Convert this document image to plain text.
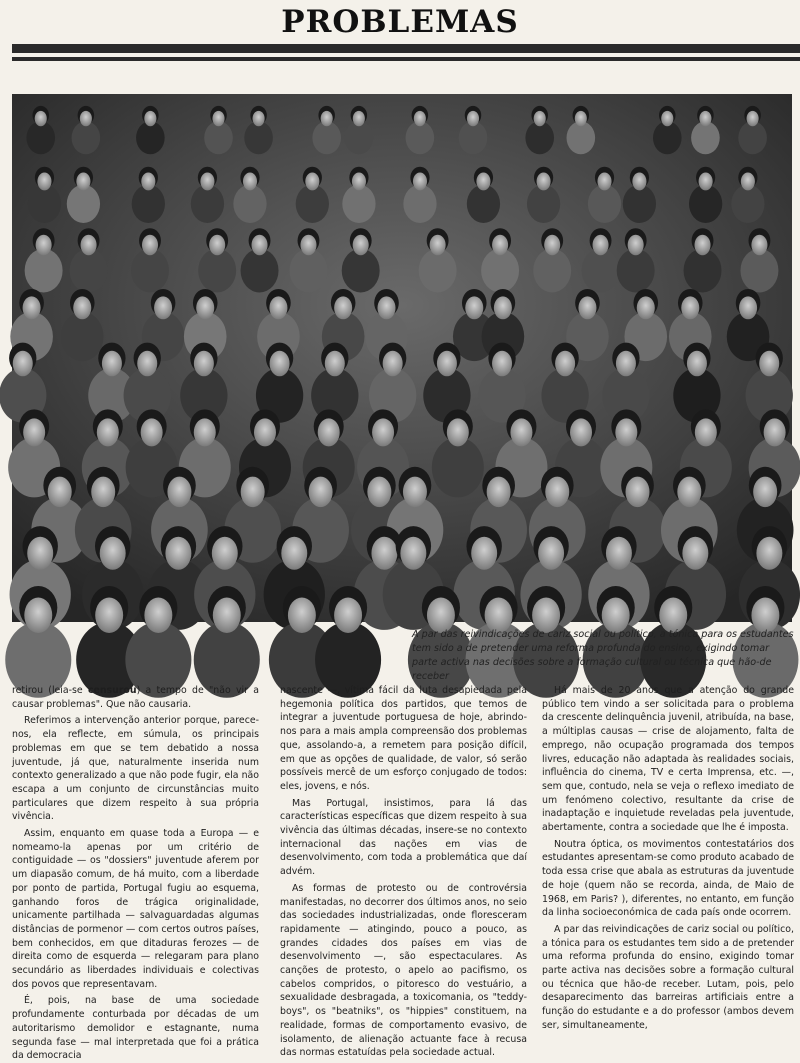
PROBLEMAS
A par das reivindicações de cariz social ou político, a tónica para os estudantes tem sido a de pretender uma reforma profunda do ensino, exigindo tomar parte activa nas decisões sobre a formação cultural ou técnica que hão-de receber

retirou (leia-se censurou) a tempo de "não vir a causar problemas". Que não causaria.

Referimos a intervenção anterior porque, parece-nos, ela reflecte, em súmula, os principais problemas em que se tem debatido a nossa juventude, já que, naturalmente inserida num contexto generalizado a que não pode fugir, ela não escapa a um conjunto de circunstâncias muito particulares que dizem respeito à sua própria vivência.

Assim, enquanto em quase toda a Europa — e nomeamo-la apenas por um critério de contiguidade — os "dossiers" juventude aferem por um diapasão comum, de há muito, com a liberdade por ponto de partida, Portugal fugiu ao esquema, ganhando foros de trágica originalidade, unicamente partilhada — salvaguardadas algumas distâncias de pormenor — com certos outros países, bem conhecidos, em que ditaduras ferozes — de direita como de esquerda — relegaram para plano secundário as liberdades individuais e colectivas dos povos que representavam.

É, pois, na base de uma sociedade profundamente conturbada por décadas de um autoritarismo demolidor e estagnante, numa segunda fase — mal interpretada que foi a prática da democracia

nascente —, vítima fácil da luta desapiedada pela hegemonia política dos partidos, que temos de integrar a juventude portuguesa de hoje, abrindo-nos para a mais ampla compreensão dos problemas que, assolando-a, a remetem para posição difícil, em que as opções de qualidade, de valor, só serão possíveis mercê de um esforço conjugado de todos: eles, jovens, e nós.

Mas Portugal, insistimos, para lá das características específicas que dizem respeito à sua vivência das últimas décadas, insere-se no contexto internacional das nações em vias de desenvolvimento, com toda a problemática que daí advém.

As formas de protesto ou de controvérsia manifestadas, no decorrer dos últimos anos, no seio das sociedades industrializadas, onde floresceram rapidamente — atingindo, pouco a pouco, as grandes cidades dos países em vias de desenvolvimento —, são espectaculares. As canções de protesto, o apelo ao pacifismo, os cabelos compridos, o pitoresco do vestuário, a sexualidade desbragada, a toxicomania, os "teddy-boys", os "beatniks", os "hippies" constituem, na realidade, formas de comportamento evasivo, de isolamento, de alienação actuante face à recusa das normas estatuídas pela sociedade actual.

Há mais de 20 anos que a atenção do grande público tem vindo a ser solicitada para o problema da crescente delinquência juvenil, atribuída, na base, a múltiplas causas — crise de alojamento, falta de emprego, não ocupação programada dos tempos livres, educação não adaptada às realidades sociais, influência do cinema, TV e certa Imprensa, etc. —, sem que, contudo, nela se veja o reflexo imediato de um fenómeno colectivo, resultante da crise de inadaptação e inquietude reveladas pela juventude, abertamente, contra a sociedade que lhe é imposta.

Noutra óptica, os movimentos contestatários dos estudantes apresentam-se como produto acabado de toda essa crise que abala as estruturas da juventude de hoje (quem não se recorda, ainda, de Maio de 1968, em Paris? ), diferentes, no entanto, em função da linha socioeconómica de cada país onde ocorrem.

A par das reivindicações de cariz social ou político, a tónica para os estudantes tem sido a de pretender uma reforma profunda do ensino, exigindo tomar parte activa nas decisões sobre a formação cultural ou técnica que hão-de receber. Lutam, pois, pelo desaparecimento das barreiras artificiais entre a função do estudante e a do professor (ambos devem ser, simultaneamente,
